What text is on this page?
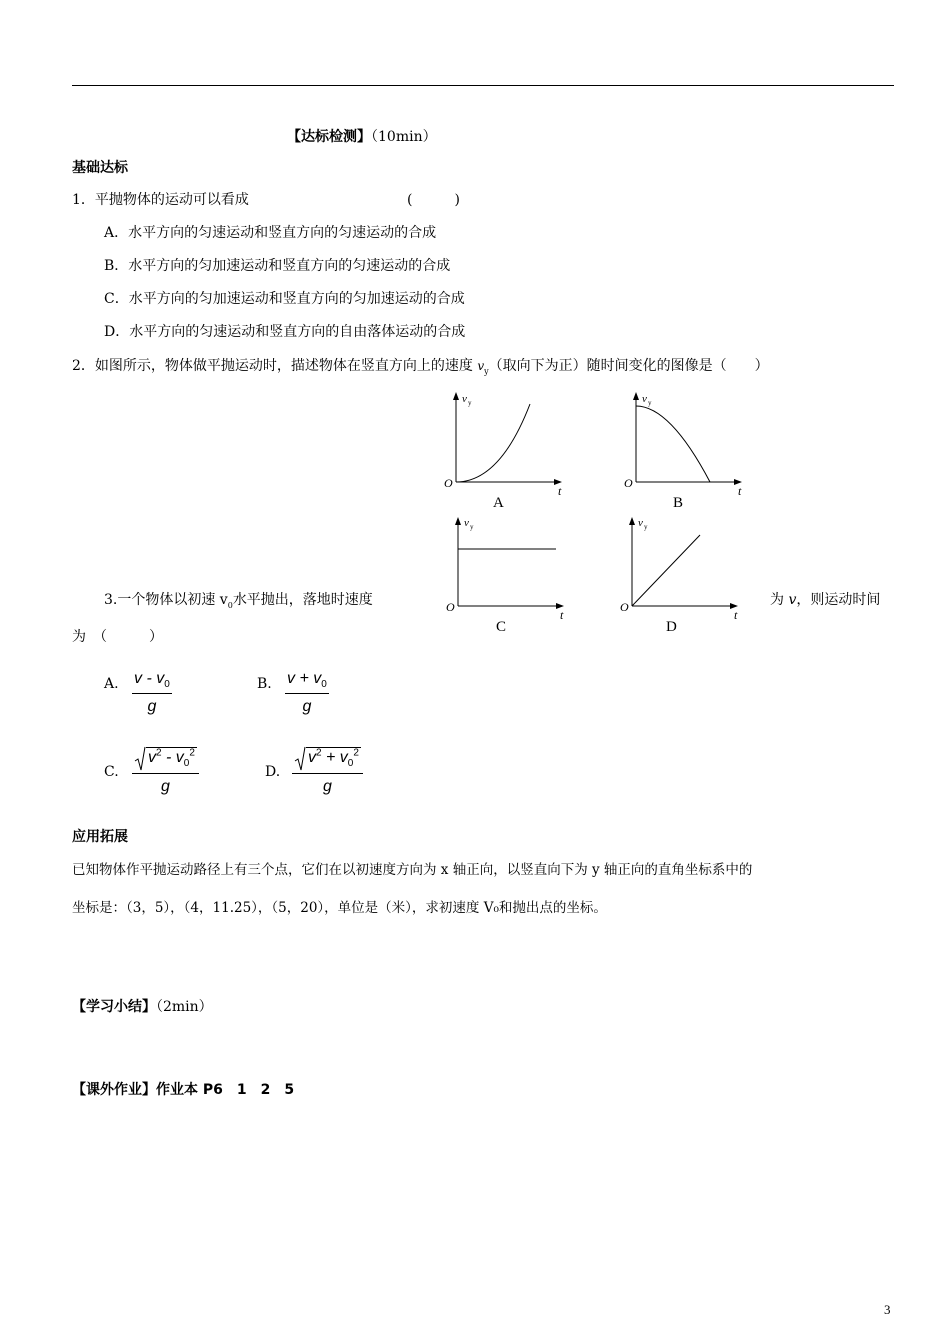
【达标检测】（10min）
基础达标
1．平抛物体的运动可以看成	(　　　)
A．水平方向的匀速运动和竖直方向的匀速运动的合成
B．水平方向的匀加速运动和竖直方向的匀速运动的合成
C．水平方向的匀加速运动和竖直方向的匀加速运动的合成
D．水平方向的匀速运动和竖直方向的自由落体运动的合成
2．如图所示，物体做平抛运动时，描述物体在竖直方向上的速度 $v_y$（取向下为正）随时间变化的图像是（　　）
v y
O
t
A
v y
O
t
B
v y
O
t
C
v y
O
t
D
3.一个物体以初速 $v_0$水平抛出，落地时速度	为 v，则运动时间
为　（　　　）
A. $\frac{v - v_0}{g}$	B. $\frac{v + v_0}{g}$
C. $\frac{v^2 - v_0^2}{g}$	D. $\frac{v^2 + v_0^2}{g}$
应用拓展
已知物体作平抛运动路径上有三个点，它们在以初速度方向为 x 轴正向，以竖直向下为 y 轴正向的直角坐标系中的
坐标是：（3，5），（4，11.25），（5，20），单位是（米），求初速度 V₀和抛出点的坐标。
【学习小结】（2min）
【课外作业】作业本 P6　1　2　5
3
